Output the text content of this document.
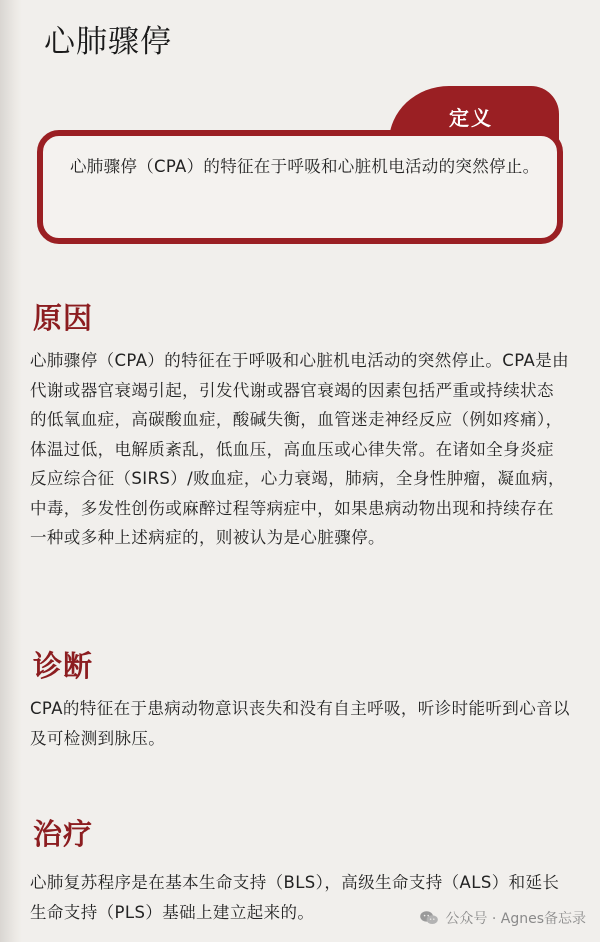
心肺骤停
定义
心肺骤停（CPA）的特征在于呼吸和心脏机电活动的突然停止。
原因
心肺骤停（CPA）的特征在于呼吸和心脏机电活动的突然停止。CPA是由代谢或器官衰竭引起，引发代谢或器官衰竭的因素包括严重或持续状态的低氧血症，高碳酸血症，酸碱失衡，血管迷走神经反应（例如疼痛），体温过低，电解质紊乱，低血压，高血压或心律失常。在诸如全身炎症反应综合征（SIRS）/败血症，心力衰竭，肺病，全身性肿瘤，凝血病，中毒，多发性创伤或麻醉过程等病症中，如果患病动物出现和持续存在一种或多种上述病症的，则被认为是心脏骤停。
诊断
CPA的特征在于患病动物意识丧失和没有自主呼吸，听诊时能听到心音以及可检测到脉压。
治疗
心肺复苏程序是在基本生命支持（BLS），高级生命支持（ALS）和延长生命支持（PLS）基础上建立起来的。	公众号 · Agnes备忘录
